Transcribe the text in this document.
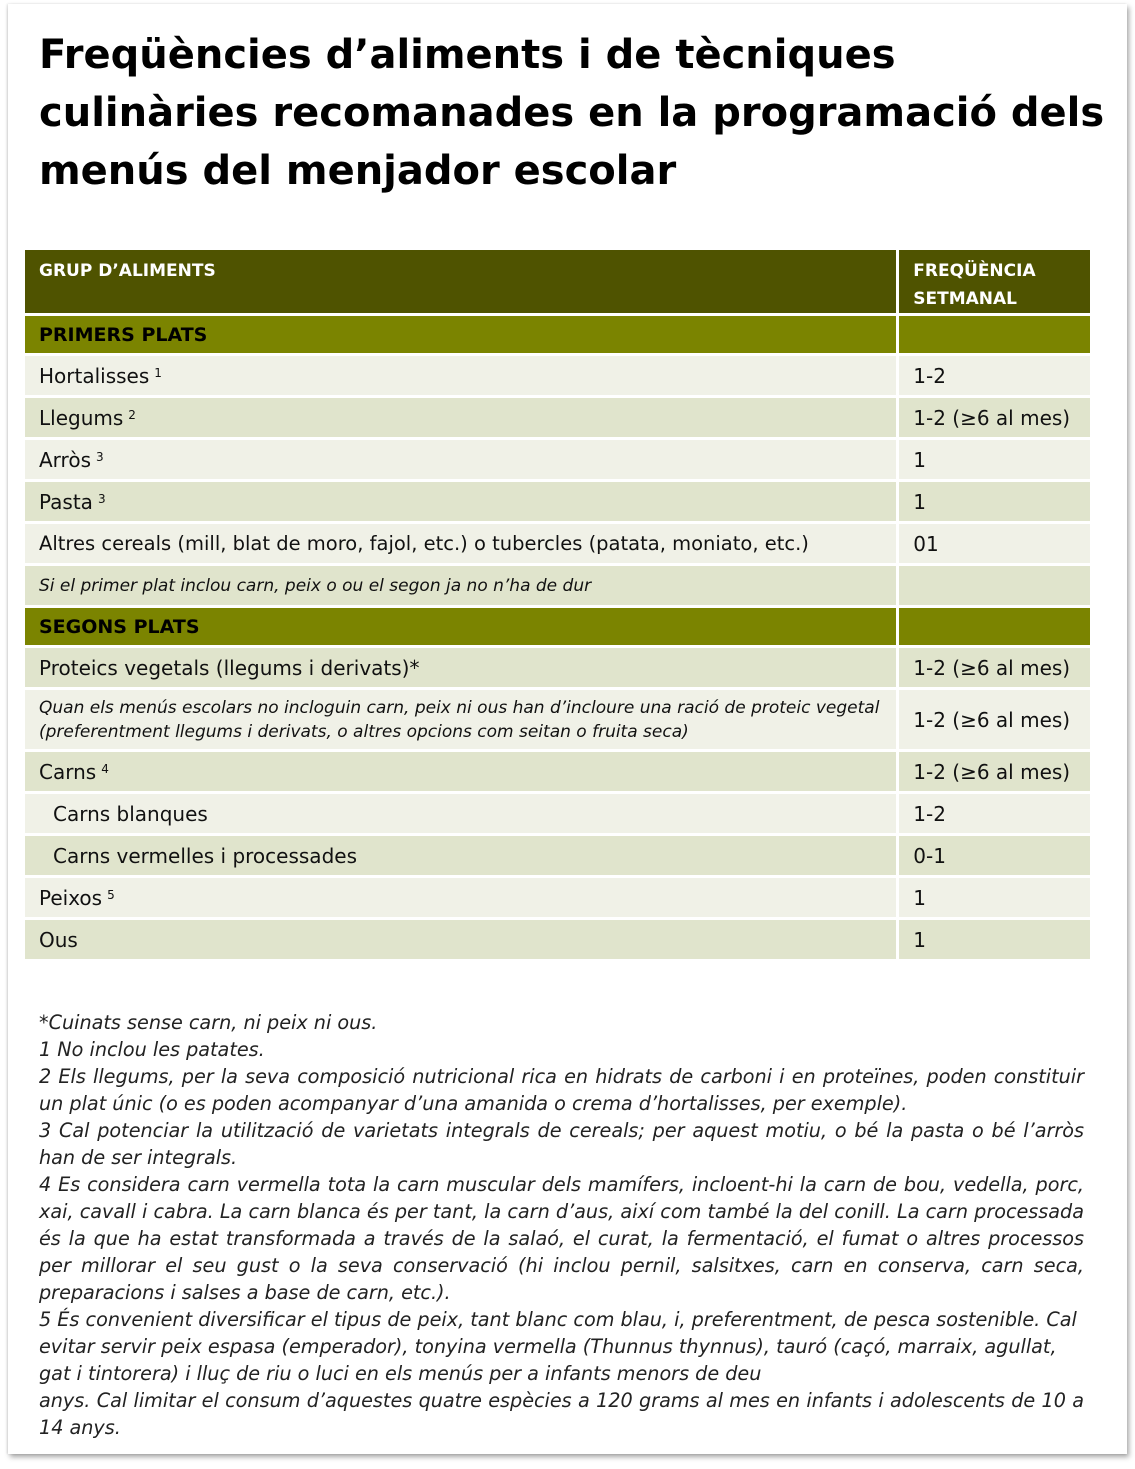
Freqüències d’aliments i de tècniques culinàries recomanades en la programació dels menús del menjador escolar
GRUP D’ALIMENTS	FREQÜÈNCIA SETMANAL
PRIMERS PLATS	
Hortalisses $^1$	1-2
Llegums $^2$	1-2 (≥6 al mes)
Arròs $^3$	1
Pasta $^3$	1
Altres cereals (mill, blat de moro, fajol, etc.) o tubercles (patata, moniato, etc.)	01
Si el primer plat inclou carn, peix o ou el segon ja no n’ha de dur	
SEGONS PLATS	
Proteics vegetals (llegums i derivats)*	1-2 (≥6 al mes)
Quan els menús escolars no incloguin carn, peix ni ous han d’incloure una ració de proteic vegetal (preferentment llegums i derivats, o altres opcions com seitan o fruita seca)	1-2 (≥6 al mes)
Carns $^4$	1-2 (≥6 al mes)
Carns blanques	1-2
Carns vermelles i processades	0-1
Peixos $^5$	1
Ous	1

*Cuinats sense carn, ni peix ni ous.

1 No inclou les patates.

2 Els llegums, per la seva composició nutricional rica en hidrats de carboni i en proteïnes, poden constituir un plat únic (o es poden acompanyar d’una amanida o crema d’hortalisses, per exemple).

3 Cal potenciar la utilització de varietats integrals de cereals; per aquest motiu, o bé la pasta o bé l’arròs han de ser integrals.

4 Es considera carn vermella tota la carn muscular dels mamífers, incloent-hi la carn de bou, vedella, porc, xai, cavall i cabra. La carn blanca és per tant, la carn d’aus, així com també la del conill. La carn processada és la que ha estat transformada a través de la salaó, el curat, la fermentació, el fumat o altres processos per millorar el seu gust o la seva conservació (hi inclou pernil, salsitxes, carn en conserva, carn seca, preparacions i salses a base de carn, etc.).

5 És convenient diversificar el tipus de peix, tant blanc com blau, i, preferentment, de pesca sostenible. Cal evitar servir peix espasa (emperador), tonyina vermella (Thunnus thynnus), tauró (caçó, marraix, agullat, gat i tintorera) i lluç de riu o luci en els menús per a infants menors de deu

anys. Cal limitar el consum d’aquestes quatre espècies a 120 grams al mes en infants i adolescents de 10 a 14 anys.
